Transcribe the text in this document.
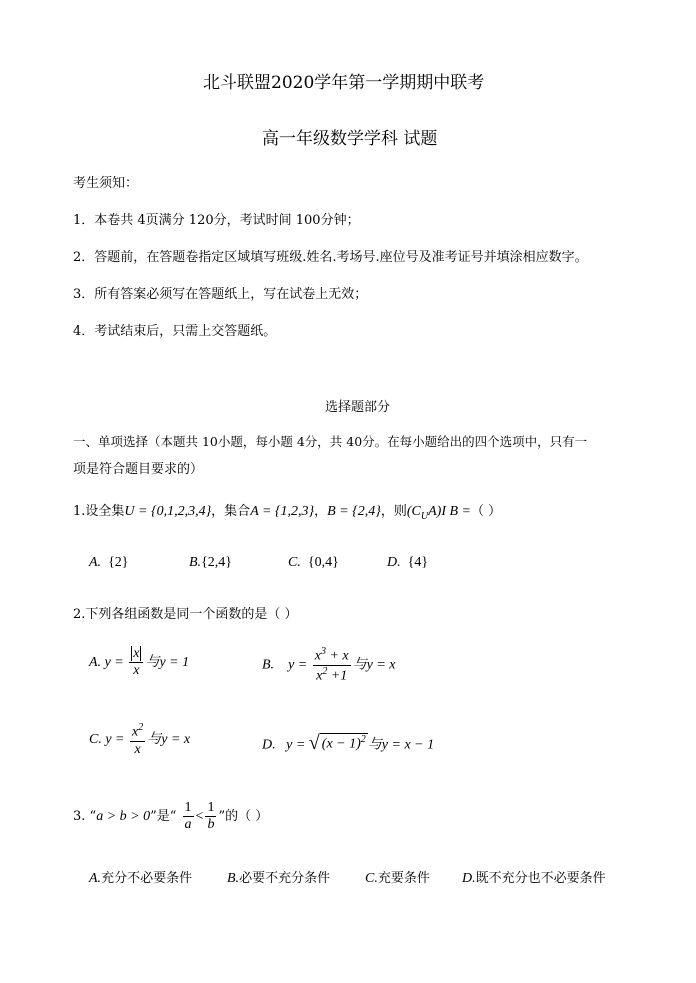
北斗联盟2020学年第一学期期中联考
高一年级数学学科 试题
考生须知：
1．本卷共 4页满分 120分，考试时间 100分钟；
2．答题前，在答题卷指定区域填写班级.姓名.考场号.座位号及准考证号并填涂相应数字。
3．所有答案必须写在答题纸上，写在试卷上无效；
4．考试结束后，只需上交答题纸。
选择题部分
一、单项选择（本题共 10小题，每小题 4分，共 40分。在每小题给出的四个选项中，只有一
项是符合题目要求的）
1.设全集U = {0,1,2,3,4}，集合A = {1,2,3}，B = {2,4}，则$(C_UA)I$ B =（ ）
A. {2}	B.{2,4}	C. {0,4}	D. {4}
2.下列各组函数是同一个函数的是（ ）
A. $y = \frac{x}{x}$ 与y = 1	B. $y = \frac{x^3 + x}{x^2 +1}$ 与y = x
C. $y = \frac{x^2}{x}$ 与y = x	D. y = √ $(x - 1)^2$ 与y = x − 1
3. “a > b > 0”是“ $\frac{1}{a} < \frac{1}{b}$ ”的（ ）
A.充分不必要条件 B.必要不充分条件 C.充要条件 D.既不充分也不必要条件
